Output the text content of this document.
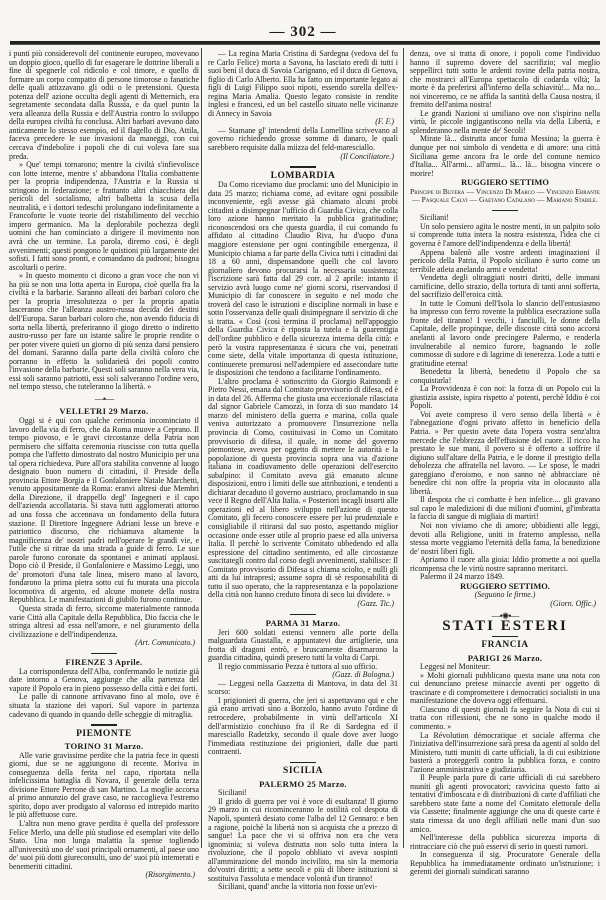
— 302 —

i punti più considerevoli del continente europeo, movevano un doppio gioco, quello di far esagerare le dottrine liberali a fine di spegnerle col ridicolo e col timore, e quello di formare un corpo compatto di persone timorose o fanatiche delle quali attizzavano gli odii o le pretensioni. Questa potenza dell' azione occulta degli agenti di Metternich, era segretamente secondata dalla Russia, e da quel punto la vera alleanza della Russia e dell'Austria contro lo sviluppo della europea civiltà fu conclusa. Altri barbari avevano dato anticamente lo stesso esempio, ed il flagello di Dio, Attila, faceva precedere le sue invasioni da maneggi, con cui cercava d'indebolire i popoli che di cui voleva fare sua preda.

» Que' tempi tornarono; mentre la civiltà s'infievolisce con lotte interne, mentre s' abbandona l'Italia combattente per la propria indipendenza, l'Austria e la Russia si stringono in federazione; e frattanto altri chiacchiera dei pericoli del socialismo, altri balbetta la scusa della neutralità, e i dottori tedeschi prolungano indefinitamente a Francoforte le vuote teorie del ristabilimento del vecchio impero germanico. Ma la deplorabile pochezza degli uomini che han cominciato a dirigere il movimento non avrà che un termine. La parola, diremo così, è degli avvenimenti; questi pongono le quistioni più largamente dei sofisti. I fatti sono pronti, e comandano da padroni; bisogna ascoltarli o perire.

» In questo momento ci dicono a gran voce che non vi ha più se non una lotta aperta in Europa, cioè quella fra la civiltà e la barbarie. Saranno alleati dei barbari coloro che per la propria irresolutezza o per la propria apatia lasceranno che l'alleanza austro-russa decida dei destini dell'Europa. Saran barbari coloro che, non avendo fiducia di sorta nella libertà, preferiranno il giogo diretto o indiretto austro-russo per fare un istante salire le proprie rendite o per poter vivere quieti un giorno di più senza darsi pensiero del domani. Saranno dalla parte della civiltà coloro che porranno in effetto la solidarietà dei popoli contro l'invasione della barbarie. Questi soli saranno nella vera via, essi soli saranno patriotti, essi soli salveranno l'ordine vero, nel tempo stesso, che tuteleranno la libertà. »

—•—
VELLETRI 29 Marzo.

Oggi si è qui con qualche cerimonia incominciato il lavoro della via di ferro, che da Roma muove a Ceprano. Il tempo piovoso, e le gravi circostanze della Patria non permisero che siffatta ceremonia riuscisse con tutta quella pompa che l'affetto dimostrato dal nostro Municipio per una tal opera richiedeva. Pure all'ora stabilita convenne al luogo designato buon numero di cittadini, il Preside della provincia Ettore Borgia e il Gonfaloniere Natale Marchetti, venuto appositamente da Roma: eranvi altresì due Membri della Direzione, il drappello degl' Ingegneri e il capo dell'azienda accollataria. Si stava tutti agglomerati attorno ad una fossa che accennava un fondamento della futura stazione. Il Direttore Ingegnere Adriani lesse un breve e patriottico discorso, che richiamava altamente la magnificenza de' nostri padri nell'operare le grandi vie, e l'utile che si ritrae da una strada a guide di ferro. Le sue parole furono coronate da spontanei e animati applausi. Dopo ciò il Preside, il Gonfaloniere e Massimo Leggi, uno de' promotori d'una tale linea, misero mano al lavoro, fondarono la prima pietra sotto cui fu murata una piccola locomotiva di argento, ed alcune monete della nostra Repubblica. Le manifestazioni di giubilo furono continue.

Questa strada di ferro, siccome materialmente rannoda varie Città alla Capitale della Repubblica, Dio faccia che le stringa altresì ad essa nell'amore, e nel giuramento della civilizzazione e dell'indipendenza.

(Art. Comunicato.)
FIRENZE 3 Aprile.

La corrispondenza dell'Alba, confermando le notizie già date intorno a Genova, aggiunge che alla partenza del vapore il Popolo era in pieno possesso della città e dei forti.

Le palle di cannone arrivavano fino al molo, ove è situata la stazione dei vapori. Sul vapore in partenza cadevano di quando in quando delle scheggie di mitraglia.

PIEMONTE
TORINO 31 Marzo.

Alle varie gravissime perdite che la patria fece in questi giorni, due se ne aggiungono di recente. Moriva in conseguenza della ferita nel capo, riportata nella infelicissima battaglia di Novara, il generale della terza divisione Ettore Perrone di san Martino. La moglie accorsa al primo annunzio del grave caso, ne raccoglieva l'estremo spirito, dopo aver prodigato al valoroso ed intrepido marito le più affettuose cure.

L'altra non meno grave perdita è quella del professore Felice Merlo, una delle più studiose ed esemplari vite dello Stato. Una non lunga malattia la spense togliendo all'università uno de' suoi principali ornamenti, al paese uno de' suoi più dotti giureconsulti, uno de' suoi più intemerati e benemeriti cittadini.

(Risorgimento.)

— La regina Maria Cristina di Sardegna (vedova del fu re Carlo Felice) morta a Savona, ha lasciato eredi di tutti i suoi beni il duca di Savoia Carignano, ed il duca di Genova, figlio di Carlo Alberto. Ella ha fatto un importante legato ai figli di Luigi Filippo suoi nipoti, essendo sorella dell'ex-regina Maria Amalia. Questo legato consiste in rendite inglesi e francesi, ed un bel castello situato nelle vicinanze di Annecy in Savoia

(F. F.)

— Stamane gl' intendenti della Lomellina scrivevano al governo richiedendo grosse somme di danaro, le quali sarebbero requisite dalla miizza del feld-maresciallo.

(Il Conciliatore.)
LOMBARDIA

Da Como riceviamo due proclami: uno del Municipio in data 25 marzo; richiama come, ad evitare ogni possibile inconveniente, egli avesse già chiamato alcuni probi cittadini a disimpegnar l'ufficio di Guardia Civica, che colla loro azione hanno meritato la pubblica gratitudine; riconoscendosi ora che questa guardia, il cui comando fu affidato al cittadino Claudio Riva, ha d'uopo d'una maggiore estensione per ogni contingibile emergenza, il Municipio chiama a far parte della Civica tutti i cittadini dai 18 a 60 anni, dispensandone quelli che col lavoro giornaliero devono procurarsi la necessaria sussistenza; l'iscrizione sarà fatta dal 29 corr. al 2 aprile: intanto il servizio avrà luogo come ne' giorni scorsi, riservandosi il Municipio di far conoscere in seguito e nel modo che troverà del caso le istruzioni e discipline normali in base e sotto l'osservanza delle quali disimpegnare il servizio di che si tratta. « Così (così termina il proclama) nell'appoggio della Guardia Civica è riposta la tutela e la guarentigia dell'ordine pubblico e della sicurezza interna della città: e però la vostra rappresentanza è sicura che voi, penetrati come siete, della vitale importanza di questa istituzione, continuerete premurosi nell'adempiere ed assecondare tutte le disposizioni che tendono a facilitarne l'ordinamento.

L'altro proclama è sottoscritto da Giorgio Raimondi e Pietro Nessi, emana dal Comitato provvisorio di difesa, ed è in data del 26. Afferma che giusta una eccezionale rilasciata dal signor Gabriele Camozzi, in forza di suo mandato 14 marzo del ministero della guerra e marina, colla quale veniva autorizzato a promuovere l'insurrezione nella provincia di Como, costituivasi in Como un Comitato provvisorio di difesa, il quale, in nome del governo piemontese, aveva per oggetto di mettere le autorità e la popolazione di questa provincia sopra una via d'azione italiana in coadiuvamento delle operazioni dell'esercito subalpino: il Comitato aveva già emanato alcune disposizioni, entro i limiti delle sue attribuzioni, e tendenti a dichiarar decaduto il governo austriaco, proclamando in sua vece il Regno dell'Alta Italia. « Posteriori incagli insorti alle operazioni ed al libero sviluppo nell'azione di questo Comitato, gli fecero conoscere essere per lui prudenziale e consigliabile il ritirarsi dal suo posto, aspettando miglior occasione onde esser utile al proprio paese ed alla universa Italia. Il perchè lo scrivente Comitato ubbedendo ed alla espressione del cittadino sentimento, ed alle circostanze suscitategli contro dal corso degli avvenimenti, stabilisce: Il Comitato provvisorio di Difesa si chiama sciolto, e nulli gli atti da lui intrapresi; assume sopra di sè responsabilità di tutto il suo operato, che la rappresentanza e la popolazione della città non hanno creduto finora di seco lui dividere. »

(Gazz. Tic.)
PARMA 31 Marzo.

Jeri 600 soldati estensi vennero alle porte della malguardata Guastalla, e appuntatevi due artiglierie, una frotta di dragoni entrò, e bruscamente disarmarono la guardia cittadina, quindi presero tutti la volta di Carpi.

Il regio commissario Pezza è tuttora al suo ufficio.

(Gazz. di Bologna.)

— Leggesi nella Gazzetta di Mantova, in data del 31 scorso:

I prigionieri di guerra, che jeri si aspettavano qui e che già erano arrivati sino a Borzolo, hanno avuto l'ordine di retrocedere, probabilmente in virtù dell'articolo XI dell'armistizio conchiuso fra il Re di Sardegna ed il maresciallo Radetzky, secondo il quale dove aver luogo l'immediata restituzione dei prigionieri, dalle due parti contraenti.

SICILIA
PALERMO 25 Marzo.

Siciliani!

Il grido di guerra per voi è voce di esultanza! Il giorno 29 marzo in cui ricominceranno le ostilità col despota di Napoli, spunterà desiato come l'alba del 12 Gennaro: e ben a ragione, poichè la libertà non si acquista che a prezzo di sangue! La pace che vi si offriva non era che vera ignominia; si voleva distrutta non solo tutta intera la rivoluzione, che il popolo obbliato vi aveva sospinti all'ammirazione del mondo incivilito, ma sin la memoria do'vostri diritti; a sette secoli e più di libere istituzioni si sostituiva l'assoluta e mendace volontà d'un tiranno!

Siciliani, quand' anche la vittoria non fosse un'evi-

denza, ove si tratta di onore, i popoli come l'individuo hanno il supremo dovere del sacrifizio; val meglio seppellirci tutti sotto le ardenti rovine della patria nostra, che mostrarci all'Europa spettacolo di codarda viltà; la morte è da preferirsi all'inferno della schiavitù!... Ma no... noi vinceremo, ce ne affida la santità della Causa nostra, il fremito dell'anima nostra!

Le grandi Nazioni si umiliano ove non s'ispirino nella virtù, le piccole ingigantiscono nella via della Libertà, e splenderanno nella mente de' Secoli!

Mirate là... distrutta ancor fuma Messina; la guerra è dunque per noi simbolo di vendetta e di amore: una città Siciliana geme ancora fra le orde del comune nemico d'Italia... All'armi... all'armi... là... là... bisogna vincere o morire!

RUGGIERO SETTIMO
Principe di Butera — Vincenzo Di Marco — Vincenzo Errante — Pasquale Calvi — Gaetano Catalano — Mariano Stabile.

Siciliani!

Un solo pensiero agita le nostre menti, in un palpito solo si comprende tutta intera la nostra esistenza, l'idea che ci governa è l'amore dell'indipendenza e della libertà!

Appena balenò alle vostre ardenti imaginazioni il pericolo della Patria, il Popolo siciliano è surto come un terribile atleta anelando armi e vendetta!

Vendetta degli oltraggiati nostri diritti, delle immani carnificine, dello strazio, della tortura di tanti anni sofferta, del sacrifizio dell'eroica città.

In tutte le Comuni dell'Isola lo slancio dell'entusiasmo ha impresso con ferro rovente la pubblica esecrazione sulla fronte del tiranno! I vecchi, i fanciulli, le donne della Capitale, delle propinque, delle discoste città sono accorsi anelanti al lavoro onde precingere Palermo, e renderla invulnerabile al nemico furore, bagnando le zolle commosse di sudore e di lagrime di tenerezza. Lode a tutti e gratitudine eterna!

Benedetta la libertà, benedetto il Popolo che sa conquistarla!

La Provvidenza è con noi: la forza di un Popolo cui la giustizia assiste, ispira rispetto a' potenti, perchè Iddio è coi Popoli.

Voi avete compreso il vero senso della libertà « è l'abnegazione d'ogni privato affetto in beneficio della Patria. » Per questo avete data l'opera vostra senz'altra mercede che l'ebbrezza dell'effusione del cuore. Il ricco ha prestato le sue mani, il povero si è offerto a soffrire il digiuno sull'altare della Patria, e le donne il prestigio della debolezza che affratella nel lavoro. — Le spose, le madri gareggiano d'eroismo, e non sanno nè abbracciare nè benedire chi non offre la propria vita in olocausto alla libertà.

Il despota che ci combatte è ben infelice.... gli gravano sul capo le maledizioni di due milioni d'uomini, gl'imbratta la faccia di sangue di migliaia di martiri!

Noi non viviamo che di amore; ubbidienti alle leggi, devoti alla Religione, uniti in fraterno amplesso, nella stessa morte veggiamo l'eternità della fama, la benedizione de' nostri liberi figli.

Apriamo il cuore alla gioia: Iddio promette a noi quella ricompensa che le virtù nostre sapranno meritarci.

Palermo il 24 marzo 1849.

RUGGIERO SETTIMO.
(Seguono le firme.)
(Giorn. Offic.)
—•✺•—
STATI ESTERI
FRANCIA
PARIGI 26 Marzo.

Leggesi nel Moniteur:

» Molti giornali pubblicano questa mane una nota con cui denunciano pretese minaccie aventi per oggetto di trascinare e di compromettere i democratici socialisti in una manifestazione che doveva oggi effettuarsi.

Ciascuno di questi giornali fa seguire la Nota di cui si tratta con riflessioni, che ne sono in qualche modo il commento. »

La Révolution démocratique et sociale afferma che l'iniziativa dell'insurrezione sarà presa da agenti al soldo del Ministero, tutti muniti di carte ufficiali, la di cui esibizione basterà a proteggerli contro la pubblica forza, e contro l'azione amministrativa e giudiziaria.

Il Peuple parla pure di carte ufficiali di cui sarebbero muniti gli agenti provocatori; ravvicina questo fatto ai tentativi d'imboscata e di distribuzioni di carte d'affiliati che sarebbero state fatte a nome del Comitato elettorale della via Cassette; finalmente aggiunge che una di queste carte è stata rimessa da uno degli affiliati nelle mani d'un suo amico.

Nell'interesse della pubblica sicurezza importa di rintracciare ciò che può esservi di serio in questi rumori.

In conseguenza il sig. Procuratore Generale della Repubblica ha immediatamente ordinato un'istruzione; i gerenti dei giornali suindicati saranno
